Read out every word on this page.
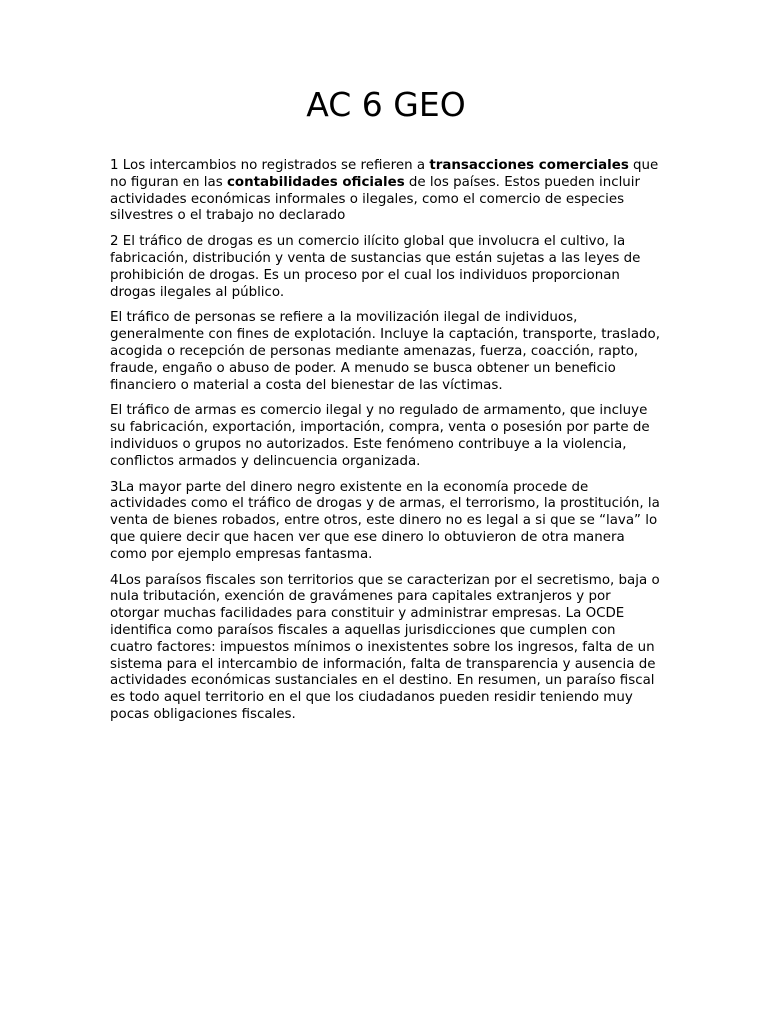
AC 6 GEO

1 Los intercambios no registrados se refieren a transacciones comerciales que no figuran en las contabilidades oficiales de los países. Estos pueden incluir actividades económicas informales o ilegales, como el comercio de especies silvestres o el trabajo no declarado

2 El tráfico de drogas es un comercio ilícito global que involucra el cultivo, la fabricación, distribución y venta de sustancias que están sujetas a las leyes de prohibición de drogas. Es un proceso por el cual los individuos proporcionan drogas ilegales al público.

El tráfico de personas se refiere a la movilización ilegal de individuos, generalmente con fines de explotación. Incluye la captación, transporte, traslado, acogida o recepción de personas mediante amenazas, fuerza, coacción, rapto, fraude, engaño o abuso de poder. A menudo se busca obtener un beneficio financiero o material a costa del bienestar de las víctimas.

El tráfico de armas es comercio ilegal y no regulado de armamento, que incluye su fabricación, exportación, importación, compra, venta o posesión por parte de individuos o grupos no autorizados. Este fenómeno contribuye a la violencia, conflictos armados y delincuencia organizada.

3La mayor parte del dinero negro existente en la economía procede de actividades como el tráfico de drogas y de armas, el terrorismo, la prostitución, la venta de bienes robados, entre otros, este dinero no es legal a si que se “lava” lo que quiere decir que hacen ver que ese dinero lo obtuvieron de otra manera como por ejemplo empresas fantasma.

4Los paraísos fiscales son territorios que se caracterizan por el secretismo, baja o nula tributación, exención de gravámenes para capitales extranjeros y por otorgar muchas facilidades para constituir y administrar empresas. La OCDE identifica como paraísos fiscales a aquellas jurisdicciones que cumplen con cuatro factores: impuestos mínimos o inexistentes sobre los ingresos, falta de un sistema para el intercambio de información, falta de transparencia y ausencia de actividades económicas sustanciales en el destino. En resumen, un paraíso fiscal es todo aquel territorio en el que los ciudadanos pueden residir teniendo muy pocas obligaciones fiscales.
